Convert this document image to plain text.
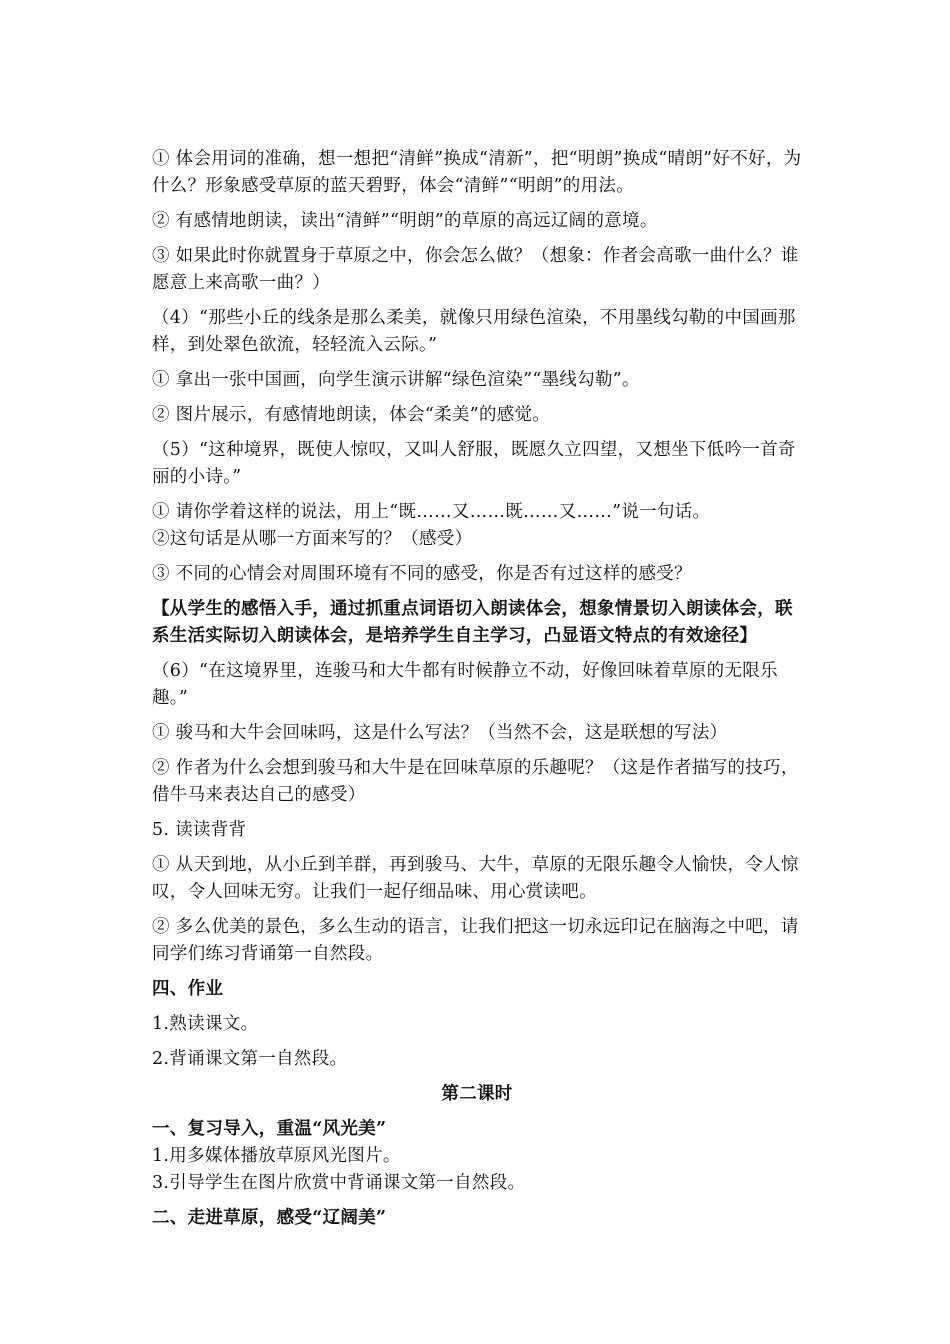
① 体会用词的准确，想一想把“清鲜”换成“清新”，把“明朗”换成“晴朗”好不好，为什么？形象感受草原的蓝天碧野，体会“清鲜”“明朗”的用法。

② 有感情地朗读，读出“清鲜”“明朗”的草原的高远辽阔的意境。

③ 如果此时你就置身于草原之中，你会怎么做？（想象：作者会高歌一曲什么？谁愿意上来高歌一曲？）

（4）“那些小丘的线条是那么柔美，就像只用绿色渲染，不用墨线勾勒的中国画那样，到处翠色欲流，轻轻流入云际。”

① 拿出一张中国画，向学生演示讲解“绿色渲染”“墨线勾勒”。

② 图片展示，有感情地朗读，体会“柔美”的感觉。

（5）“这种境界，既使人惊叹，又叫人舒服，既愿久立四望，又想坐下低吟一首奇丽的小诗。”

① 请你学着这样的说法，用上“既……又……既……又……”说一句话。

②这句话是从哪一方面来写的？（感受）

③ 不同的心情会对周围环境有不同的感受，你是否有过这样的感受？

【从学生的感悟入手，通过抓重点词语切入朗读体会，想象情景切入朗读体会，联系生活实际切入朗读体会，是培养学生自主学习，凸显语文特点的有效途径】

（6）“在这境界里，连骏马和大牛都有时候静立不动，好像回味着草原的无限乐趣。”

① 骏马和大牛会回味吗，这是什么写法？（当然不会，这是联想的写法）

② 作者为什么会想到骏马和大牛是在回味草原的乐趣呢？（这是作者描写的技巧，借牛马来表达自己的感受）

5. 读读背背

① 从天到地，从小丘到羊群，再到骏马、大牛，草原的无限乐趣令人愉快，令人惊叹，令人回味无穷。让我们一起仔细品味、用心赏读吧。

② 多么优美的景色，多么生动的语言，让我们把这一切永远印记在脑海之中吧，请同学们练习背诵第一自然段。

四、作业

1.熟读课文。

2.背诵课文第一自然段。

第二课时

一、复习导入，重温“风光美”

1.用多媒体播放草原风光图片。

3.引导学生在图片欣赏中背诵课文第一自然段。

二、走进草原，感受“辽阔美”
